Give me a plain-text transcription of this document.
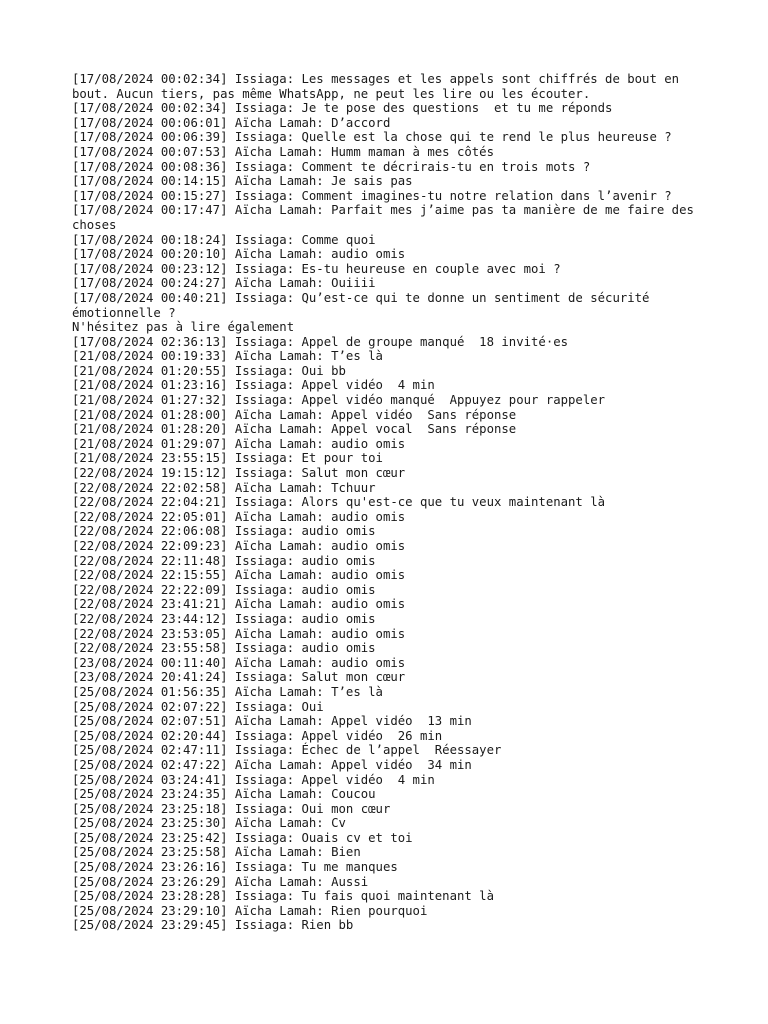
[17/08/2024 00:02:34] Issiaga: Les messages et les appels sont chiffrés de bout en bout. Aucun tiers, pas même WhatsApp, ne peut les lire ou les écouter.
[17/08/2024 00:02:34] Issiaga: Je te pose des questions  et tu me réponds
[17/08/2024 00:06:01] Aïcha Lamah: D’accord
[17/08/2024 00:06:39] Issiaga: Quelle est la chose qui te rend le plus heureuse ?
[17/08/2024 00:07:53] Aïcha Lamah: Humm maman à mes côtés
[17/08/2024 00:08:36] Issiaga: Comment te décrirais-tu en trois mots ?
[17/08/2024 00:14:15] Aïcha Lamah: Je sais pas
[17/08/2024 00:15:27] Issiaga: Comment imagines-tu notre relation dans l’avenir ?
[17/08/2024 00:17:47] Aïcha Lamah: Parfait mes j’aime pas ta manière de me faire des choses
[17/08/2024 00:18:24] Issiaga: Comme quoi
[17/08/2024 00:20:10] Aïcha Lamah: audio omis
[17/08/2024 00:23:12] Issiaga: Es-tu heureuse en couple avec moi ?
[17/08/2024 00:24:27] Aïcha Lamah: Ouiiii
[17/08/2024 00:40:21] Issiaga: Qu’est-ce qui te donne un sentiment de sécurité émotionnelle ?
N'hésitez pas à lire également
[17/08/2024 02:36:13] Issiaga: Appel de groupe manqué  18 invité·es
[21/08/2024 00:19:33] Aïcha Lamah: T’es là
[21/08/2024 01:20:55] Issiaga: Oui bb
[21/08/2024 01:23:16] Issiaga: Appel vidéo  4 min
[21/08/2024 01:27:32] Issiaga: Appel vidéo manqué  Appuyez pour rappeler
[21/08/2024 01:28:00] Aïcha Lamah: Appel vidéo  Sans réponse
[21/08/2024 01:28:20] Aïcha Lamah: Appel vocal  Sans réponse
[21/08/2024 01:29:07] Aïcha Lamah: audio omis
[21/08/2024 23:55:15] Issiaga: Et pour toi
[22/08/2024 19:15:12] Issiaga: Salut mon cœur
[22/08/2024 22:02:58] Aïcha Lamah: Tchuur
[22/08/2024 22:04:21] Issiaga: Alors qu'est-ce que tu veux maintenant là
[22/08/2024 22:05:01] Aïcha Lamah: audio omis
[22/08/2024 22:06:08] Issiaga: audio omis
[22/08/2024 22:09:23] Aïcha Lamah: audio omis
[22/08/2024 22:11:48] Issiaga: audio omis
[22/08/2024 22:15:55] Aïcha Lamah: audio omis
[22/08/2024 22:22:09] Issiaga: audio omis
[22/08/2024 23:41:21] Aïcha Lamah: audio omis
[22/08/2024 23:44:12] Issiaga: audio omis
[22/08/2024 23:53:05] Aïcha Lamah: audio omis
[22/08/2024 23:55:58] Issiaga: audio omis
[23/08/2024 00:11:40] Aïcha Lamah: audio omis
[23/08/2024 20:41:24] Issiaga: Salut mon cœur
[25/08/2024 01:56:35] Aïcha Lamah: T’es là
[25/08/2024 02:07:22] Issiaga: Oui
[25/08/2024 02:07:51] Aïcha Lamah: Appel vidéo  13 min
[25/08/2024 02:20:44] Issiaga: Appel vidéo  26 min
[25/08/2024 02:47:11] Issiaga: Échec de l’appel  Réessayer
[25/08/2024 02:47:22] Aïcha Lamah: Appel vidéo  34 min
[25/08/2024 03:24:41] Issiaga: Appel vidéo  4 min
[25/08/2024 23:24:35] Aïcha Lamah: Coucou
[25/08/2024 23:25:18] Issiaga: Oui mon cœur
[25/08/2024 23:25:30] Aïcha Lamah: Cv
[25/08/2024 23:25:42] Issiaga: Ouais cv et toi
[25/08/2024 23:25:58] Aïcha Lamah: Bien
[25/08/2024 23:26:16] Issiaga: Tu me manques
[25/08/2024 23:26:29] Aïcha Lamah: Aussi
[25/08/2024 23:28:28] Issiaga: Tu fais quoi maintenant là
[25/08/2024 23:29:10] Aïcha Lamah: Rien pourquoi
[25/08/2024 23:29:45] Issiaga: Rien bb
